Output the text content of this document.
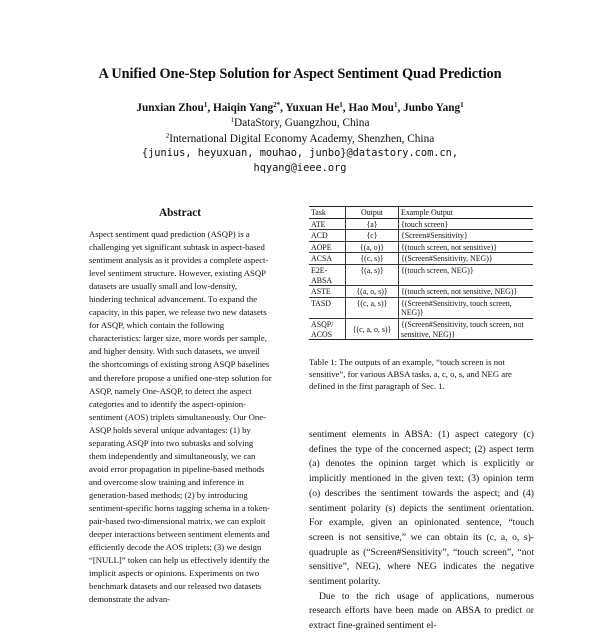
A Unified One-Step Solution for Aspect Sentiment Quad Prediction
Junxian Zhou$^1$, Haiqin Yang$^{2*}$, Yuxuan He$^1$, Hao Mou$^1$, Junbo Yang$^1$
$^1$DataStory, Guangzhou, China
$^2$International Digital Economy Academy, Shenzhen, China
{junius, heyuxuan, mouhao, junbo}@datastory.com.cn,
hqyang@ieee.org
Abstract

Aspect sentiment quad prediction (ASQP) is a challenging yet significant subtask in aspect-based sentiment analysis as it provides a complete aspect-level sentiment structure. However, existing ASQP datasets are usually small and low-density, hindering technical advancement. To expand the capacity, in this paper, we release two new datasets for ASQP, which contain the following characteristics: larger size, more words per sample, and higher density. With such datasets, we unveil the shortcomings of existing strong ASQP baselines and therefore propose a unified one-step solution for ASQP, namely One-ASQP, to detect the aspect categories and to identify the aspect-opinion-sentiment (AOS) triplets simultaneously. Our One-ASQP holds several unique advantages: (1) by separating ASQP into two subtasks and solving them independently and simultaneously, we can avoid error propagation in pipeline-based methods and overcome slow training and inference in generation-based methods; (2) by introducing sentiment-specific horns tagging schema in a token-pair-based two-dimensional matrix, we can exploit deeper interactions between sentiment elements and efficiently decode the AOS triplets; (3) we design “[NULL]” token can help us effectively identify the implicit aspects or opinions. Experiments on two benchmark datasets and our released two datasets demonstrate the advan-

Task	Output	Example Output
ATE	{a}	{touch screen}
ACD	{c}	{Screen#Sensitivity}
AOPE	{(a, o)}	{(touch screen, not sensitive)}
ACSA	{(c, s)}	{(Screen#Sensitivity, NEG)}
E2E-ABSA	{(a, s)}	{(touch screen, NEG)}
ASTE	{(a, o, s)}	{(touch screen, not sensitive, NEG)}
TASD	{(c, a, s)}	{(Screen#Sensitivity, touch screen, NEG)}
ASQP/ ACOS	{(c, a, o, s)}	{(Screen#Sensitivity, touch screen, not sensitive, NEG)}
Table 1: The outputs of an example, “touch screen is not sensitive”, for various ABSA tasks. a, c, o, s, and NEG are defined in the first paragraph of Sec. 1.

sentiment elements in ABSA: (1) aspect category (c) defines the type of the concerned aspect; (2) aspect term (a) denotes the opinion target which is explicitly or implicitly mentioned in the given text; (3) opinion term (o) describes the sentiment towards the aspect; and (4) sentiment polarity (s) depicts the sentiment orientation. For example, given an opinionated sentence, “touch screen is not sensitive,” we can obtain its (c, a, o, s)-quadruple as (“Screen#Sensitivity”, “touch screen”, “not sensitive”, NEG), where NEG indicates the negative sentiment polarity.

Due to the rich usage of applications, numerous research efforts have been made on ABSA to predict or extract fine-grained sentiment el-
